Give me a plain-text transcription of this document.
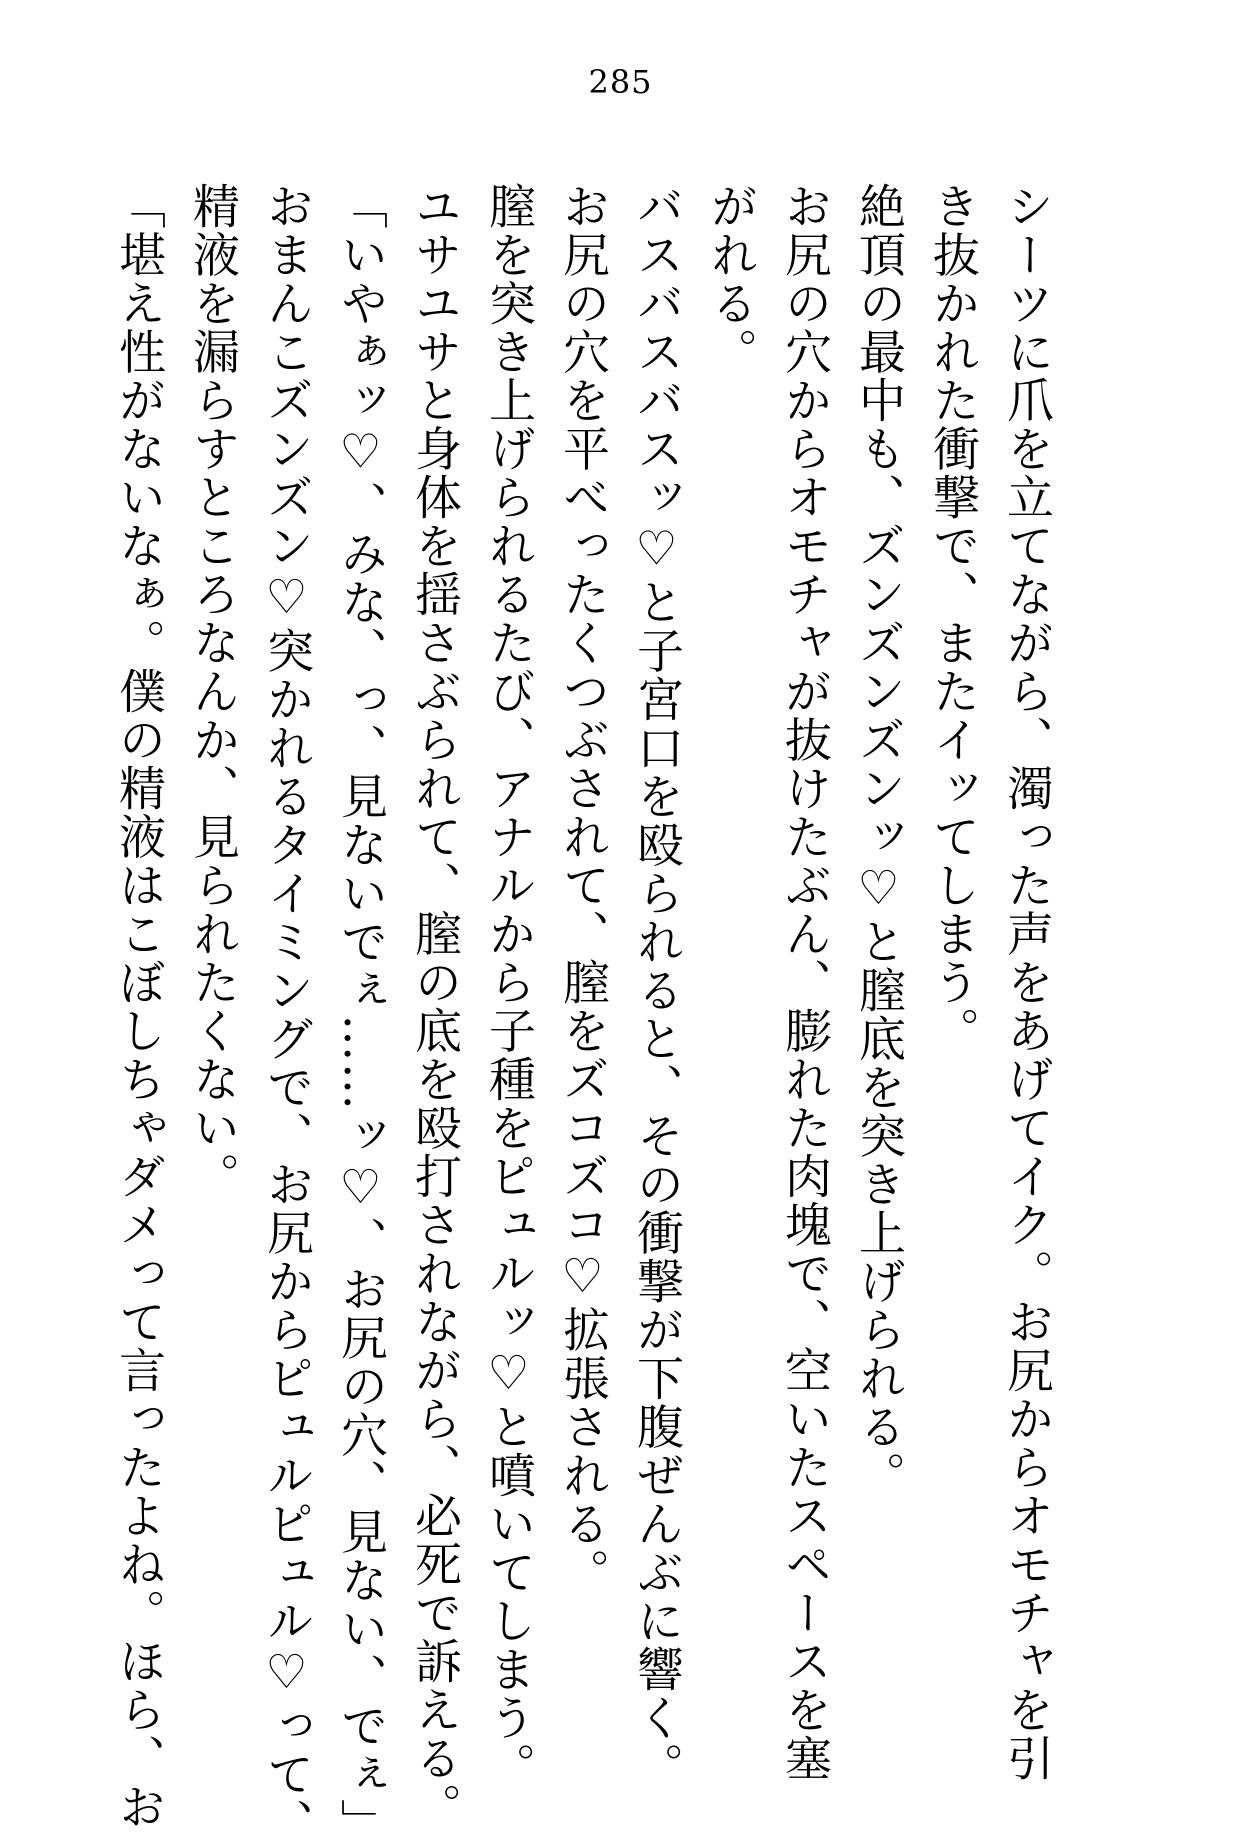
285
シーツに爪を立てながら、濁った声をあげてイク。お尻からオモチャを引
き抜かれた衝撃で、またイッてしまう。
絶頂の最中も、ズンズンズンッ♡と膣底を突き上げられる。
お尻の穴からオモチャが抜けたぶん、膨れた肉塊で、空いたスペースを塞
がれる。
バスバスバスッ♡と子宮口を殴られると、その衝撃が下腹ぜんぶに響く。
お尻の穴を平べったくつぶされて、膣をズコズコ♡拡張される。
膣を突き上げられるたび、アナルから子種をピュルッ♡と噴いてしまう。
ユサユサと身体を揺さぶられて、膣の底を殴打されながら、必死で訴える。
「いやぁッ♡、みな、っ、見ないでぇ……ッ♡、お尻の穴、見ない、でぇ」
おまんこズンズン♡突かれるタイミングで、お尻からピュルピュル♡って、
精液を漏らすところなんか、見られたくない。
「堪え性がないなぁ。僕の精液はこぼしちゃダメって言ったよね。ほら、お
